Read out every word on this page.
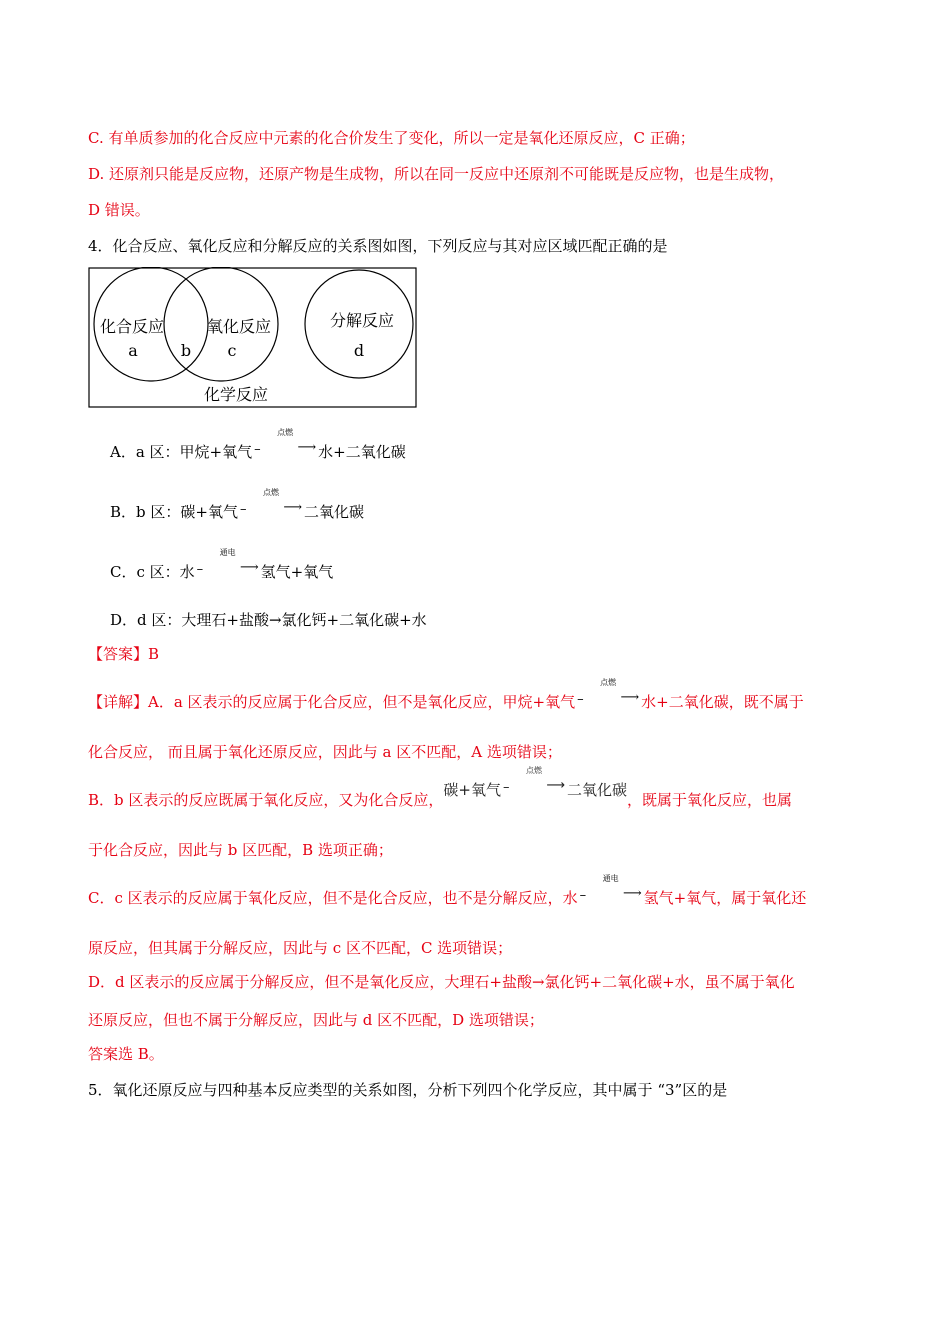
C. 有单质参加的化合反应中元素的化合价发生了变化，所以一定是氧化还原反应，C 正确；
D. 还原剂只能是反应物，还原产物是生成物，所以在同一反应中还原剂不可能既是反应物，也是生成物，
D 错误。
4．化合反应、氧化反应和分解反应的关系图如图，下列反应与其对应区域匹配正确的是
化合反应	氧化反应	分解反应
a	b c	d
化学反应
A．a 区：甲烷+氧气
点燃
–	⟶ 水+二氧化碳
B．b 区：碳+氧气
点燃
–	⟶ 二氧化碳
C．c 区：水
通电
–	⟶ 氢气+氧气
D．d 区：大理石+盐酸→氯化钙+二氧化碳+水
【答案】B
【详解】A．a 区表示的反应属于化合反应，但不是氧化反应，甲烷+氧气
点燃
–	⟶ 水+二氧化碳，既不属于
化合反应， 而且属于氧化还原反应，因此与 a 区不匹配，A 选项错误；
B．b 区表示的反应既属于氧化反应，又为化合反应，碳+氧气
点燃
–	⟶ 二氧化碳，既属于氧化反应，也属
于化合反应，因此与 b 区匹配，B 选项正确；
C．c 区表示的反应属于氧化反应，但不是化合反应，也不是分解反应，水
通电
–	⟶ 氢气+氧气，属于氧化还
原反应，但其属于分解反应，因此与 c 区不匹配，C 选项错误；
D．d 区表示的反应属于分解反应，但不是氧化反应，大理石+盐酸→氯化钙+二氧化碳+水，虽不属于氧化
还原反应，但也不属于分解反应，因此与 d 区不匹配，D 选项错误；
答案选 B。
5．氧化还原反应与四种基本反应类型的关系如图，分析下列四个化学反应，其中属于 “3”区的是
